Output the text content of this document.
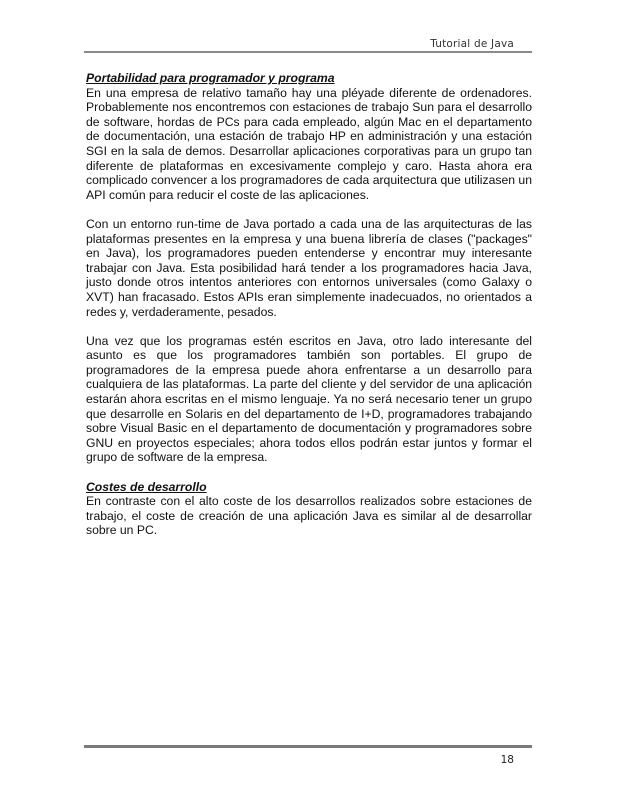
Tutorial de Java

Portabilidad para programador y programa

En una empresa de relativo tamaño hay una pléyade diferente de ordenadores. Probablemente nos encontremos con estaciones de trabajo Sun para el desarrollo de software, hordas de PCs para cada empleado, algún Mac en el departamento de documentación, una estación de trabajo HP en administración y una estación SGI en la sala de demos. Desarrollar aplicaciones corporativas para un grupo tan diferente de plataformas en excesivamente complejo y caro. Hasta ahora era complicado convencer a los programadores de cada arquitectura que utilizasen un API común para reducir el coste de las aplicaciones.

Con un entorno run-time de Java portado a cada una de las arquitecturas de las plataformas presentes en la empresa y una buena librería de clases ("packages" en Java), los programadores pueden entenderse y encontrar muy interesante trabajar con Java. Esta posibilidad hará tender a los programadores hacia Java, justo donde otros intentos anteriores con entornos universales (como Galaxy o XVT) han fracasado. Estos APIs eran simplemente inadecuados, no orientados a redes y, verdaderamente, pesados.

Una vez que los programas estén escritos en Java, otro lado interesante del asunto es que los programadores también son portables. El grupo de programadores de la empresa puede ahora enfrentarse a un desarrollo para cualquiera de las plataformas. La parte del cliente y del servidor de una aplicación estarán ahora escritas en el mismo lenguaje. Ya no será necesario tener un grupo que desarrolle en Solaris en del departamento de I+D, programadores trabajando sobre Visual Basic en el departamento de documentación y programadores sobre GNU en proyectos especiales; ahora todos ellos podrán estar juntos y formar el grupo de software de la empresa.

Costes de desarrollo

En contraste con el alto coste de los desarrollos realizados sobre estaciones de trabajo, el coste de creación de una aplicación Java es similar al de desarrollar sobre un PC.

18
